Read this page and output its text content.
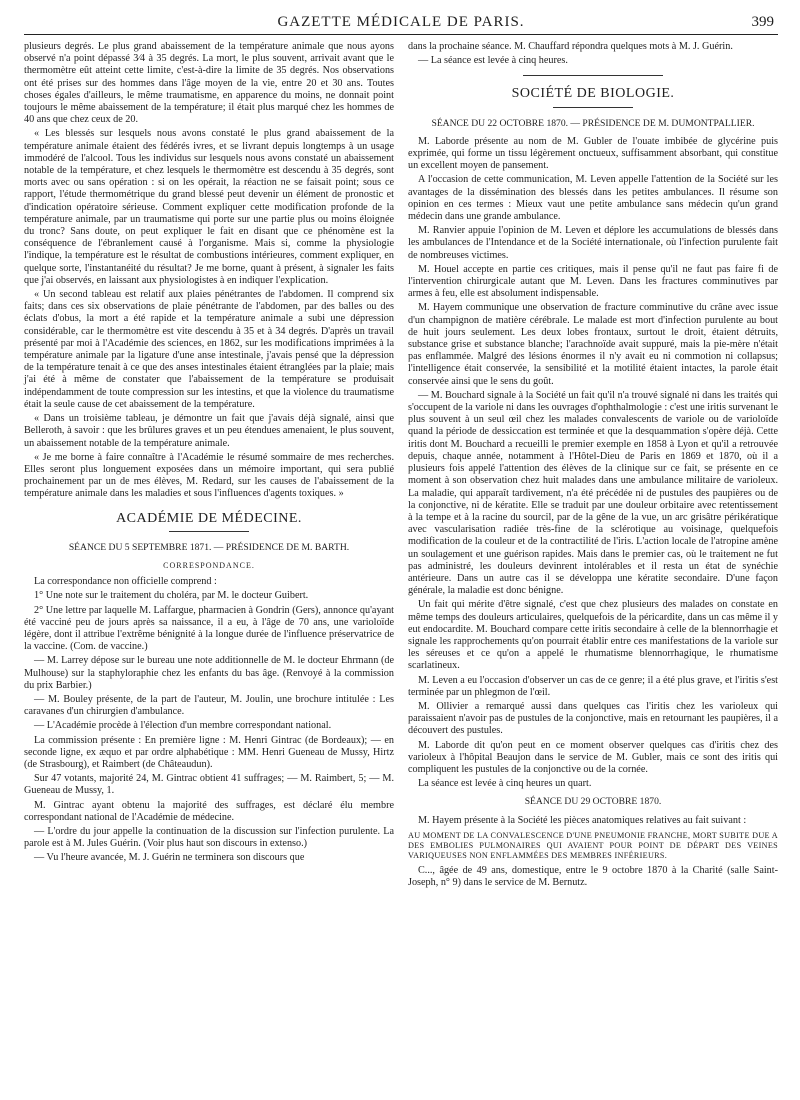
GAZETTE MÉDICALE DE PARIS.	399

plusieurs degrés. Le plus grand abaissement de la température animale que nous ayons observé n'a point dépassé 3⁄4 à 35 degrés. La mort, le plus souvent, arrivait avant que le thermomètre eût atteint cette limite, c'est-à-dire la limite de 35 degrés. Nos observations ont été prises sur des hommes dans l'âge moyen de la vie, entre 20 et 30 ans. Toutes choses égales d'ailleurs, le même traumatisme, en apparence du moins, ne donnait point toujours le même abaissement de la température; il était plus marqué chez les hommes de 40 ans que chez ceux de 20.

« Les blessés sur lesquels nous avons constaté le plus grand abaissement de la température animale étaient des fédérés ivres, et se livrant depuis longtemps à un usage immodéré de l'alcool. Tous les individus sur lesquels nous avons constaté un abaissement notable de la température, et chez lesquels le thermomètre est descendu à 35 degrés, sont morts avec ou sans opération : si on les opérait, la réaction ne se faisait point; sous ce rapport, l'étude thermométrique du grand blessé peut devenir un élément de pronostic et d'indication opératoire sérieuse. Comment expliquer cette modification profonde de la température animale, par un traumatisme qui porte sur une partie plus ou moins éloignée du tronc? Sans doute, on peut expliquer le fait en disant que ce phénomène est la conséquence de l'ébranlement causé à l'organisme. Mais si, comme la physiologie l'indique, la température est le résultat de combustions intérieures, comment expliquer, en quelque sorte, l'instantanéité du résultat? Je me borne, quant à présent, à signaler les faits que j'ai observés, en laissant aux physiologistes à en indiquer l'explication.

« Un second tableau est relatif aux plaies pénétrantes de l'abdomen. Il comprend six faits; dans ces six observations de plaie pénétrante de l'abdomen, par des balles ou des éclats d'obus, la mort a été rapide et la température animale a subi une dépression considérable, car le thermomètre est vite descendu à 35 et à 34 degrés. D'après un travail présenté par moi à l'Académie des sciences, en 1862, sur les modifications imprimées à la température animale par la ligature d'une anse intestinale, j'avais pensé que la dépression de la température tenait à ce que des anses intestinales étaient étranglées par la plaie; mais j'ai été à même de constater que l'abaissement de la température se produisait indépendamment de toute compression sur les intestins, et que la violence du traumatisme était la seule cause de cet abaissement de la température.

« Dans un troisième tableau, je démontre un fait que j'avais déjà signalé, ainsi que Belleroth, à savoir : que les brûlures graves et un peu étendues amenaient, le plus souvent, un abaissement notable de la température animale.

« Je me borne à faire connaître à l'Académie le résumé sommaire de mes recherches. Elles seront plus longuement exposées dans un mémoire important, qui sera publié prochainement par un de mes élèves, M. Redard, sur les causes de l'abaissement de la température animale dans les maladies et sous l'influences d'agents toxiques. »

ACADÉMIE DE MÉDECINE.
SÉANCE DU 5 SEPTEMBRE 1871. — PRÉSIDENCE DE M. BARTH.
CORRESPONDANCE.

La correspondance non officielle comprend :

1° Une note sur le traitement du choléra, par M. le docteur Guibert.

2° Une lettre par laquelle M. Laffargue, pharmacien à Gondrin (Gers), annonce qu'ayant été vacciné peu de jours après sa naissance, il a eu, à l'âge de 70 ans, une varioloïde légère, dont il attribue l'extrême bénignité à la longue durée de l'influence préservatrice de la vaccine. (Com. de vaccine.)

— M. Larrey dépose sur le bureau une note additionnelle de M. le docteur Ehrmann (de Mulhouse) sur la staphyloraphie chez les enfants du bas âge. (Renvoyé à la commission du prix Barbier.)

— M. Bouley présente, de la part de l'auteur, M. Joulin, une brochure intitulée : Les caravanes d'un chirurgien d'ambulance.

— L'Académie procède à l'élection d'un membre correspondant national.

La commission présente : En première ligne : M. Henri Gintrac (de Bordeaux); — en seconde ligne, ex æquo et par ordre alphabétique : MM. Henri Gueneau de Mussy, Hirtz (de Strasbourg), et Raimbert (de Châteaudun).

Sur 47 votants, majorité 24, M. Gintrac obtient 41 suffrages; — M. Raimbert, 5; — M. Gueneau de Mussy, 1.

M. Gintrac ayant obtenu la majorité des suffrages, est déclaré élu membre correspondant national de l'Académie de médecine.

— L'ordre du jour appelle la continuation de la discussion sur l'infection purulente. La parole est à M. Jules Guérin. (Voir plus haut son discours in extenso.)

— Vu l'heure avancée, M. J. Guérin ne terminera son discours que

dans la prochaine séance. M. Chauffard répondra quelques mots à M. J. Guérin.

— La séance est levée à cinq heures.

SOCIÉTÉ DE BIOLOGIE.
SÉANCE DU 22 OCTOBRE 1870. — PRÉSIDENCE DE M. DUMONTPALLIER.

M. Laborde présente au nom de M. Gubler de l'ouate imbibée de glycérine puis exprimée, qui forme un tissu légèrement onctueux, suffisamment absorbant, qui constitue un excellent moyen de pansement.

A l'occasion de cette communication, M. Leven appelle l'attention de la Société sur les avantages de la dissémination des blessés dans les petites ambulances. Il résume son opinion en ces termes : Mieux vaut une petite ambulance sans médecin qu'un grand médecin dans une grande ambulance.

M. Ranvier appuie l'opinion de M. Leven et déplore les accumulations de blessés dans les ambulances de l'Intendance et de la Société internationale, où l'infection purulente fait de nombreuses victimes.

M. Houel accepte en partie ces critiques, mais il pense qu'il ne faut pas faire fi de l'intervention chirurgicale autant que M. Leven. Dans les fractures comminutives par armes à feu, elle est absolument indispensable.

M. Hayem communique une observation de fracture comminutive du crâne avec issue d'un champignon de matière cérébrale. Le malade est mort d'infection purulente au bout de huit jours seulement. Les deux lobes frontaux, surtout le droit, étaient détruits, substance grise et substance blanche; l'arachnoïde avait suppuré, mais la pie-mère n'était pas enflammée. Malgré des lésions énormes il n'y avait eu ni commotion ni collapsus; l'intelligence était conservée, la sensibilité et la motilité étaient intactes, la parole était conservée ainsi que le sens du goût.

— M. Bouchard signale à la Société un fait qu'il n'a trouvé signalé ni dans les traités qui s'occupent de la variole ni dans les ouvrages d'ophthalmologie : c'est une iritis survenant le plus souvent à un seul œil chez les malades convalescents de variole ou de varioloïde quand la période de dessiccation est terminée et que la desquammation s'opère déjà. Cette iritis dont M. Bouchard a recueilli le premier exemple en 1858 à Lyon et qu'il a retrouvée depuis, chaque année, notamment à l'Hôtel-Dieu de Paris en 1869 et 1870, où il a plusieurs fois appelé l'attention des élèves de la clinique sur ce fait, se présente en ce moment à son observation chez huit malades dans une ambulance militaire de varioleux. La maladie, qui apparaît tardivement, n'a été précédée ni de pustules des paupières ou de la conjonctive, ni de kératite. Elle se traduit par une douleur orbitaire avec retentissement à la tempe et à la racine du sourcil, par de la gêne de la vue, un arc grisâtre périkératique avec vascularisation radiée très-fine de la sclérotique au voisinage, quelquefois modification de la couleur et de la contractilité de l'iris. L'action locale de l'atropine amène un soulagement et une guérison rapides. Mais dans le premier cas, où le traitement ne fut pas administré, les douleurs devinrent intolérables et il resta un état de synéchie antérieure. Dans un autre cas il se développa une kératite secondaire. D'une façon générale, la maladie est donc bénigne.

Un fait qui mérite d'être signalé, c'est que chez plusieurs des malades on constate en même temps des douleurs articulaires, quelquefois de la péricardite, dans un cas même il y eut endocardite. M. Bouchard compare cette iritis secondaire à celle de la blennorrhagie et signale les rapprochements qu'on pourrait établir entre ces manifestations de la variole sur les séreuses et ce qu'on a appelé le rhumatisme blennorrhagique, le rhumatisme scarlatineux.

M. Leven a eu l'occasion d'observer un cas de ce genre; il a été plus grave, et l'iritis s'est terminée par un phlegmon de l'œil.

M. Ollivier a remarqué aussi dans quelques cas l'iritis chez les varioleux qui paraissaient n'avoir pas de pustules de la conjonctive, mais en retournant les paupières, il a découvert des pustules.

M. Laborde dit qu'on peut en ce moment observer quelques cas d'iritis chez des varioleux à l'hôpital Beaujon dans le service de M. Gubler, mais ce sont des iritis qui compliquent les pustules de la conjonctive ou de la cornée.

La séance est levée à cinq heures un quart.

SÉANCE DU 29 OCTOBRE 1870.

M. Hayem présente à la Société les pièces anatomiques relatives au fait suivant :

AU MOMENT DE LA CONVALESCENCE D'UNE PNEUMONIE FRANCHE, MORT SUBITE DUE A DES EMBOLIES PULMONAIRES QUI AVAIENT POUR POINT DE DÉPART DES VEINES VARIQUEUSES NON ENFLAMMÉES DES MEMBRES INFÉRIEURS.

C..., âgée de 49 ans, domestique, entre le 9 octobre 1870 à la Charité (salle Saint-Joseph, n° 9) dans le service de M. Bernutz.
